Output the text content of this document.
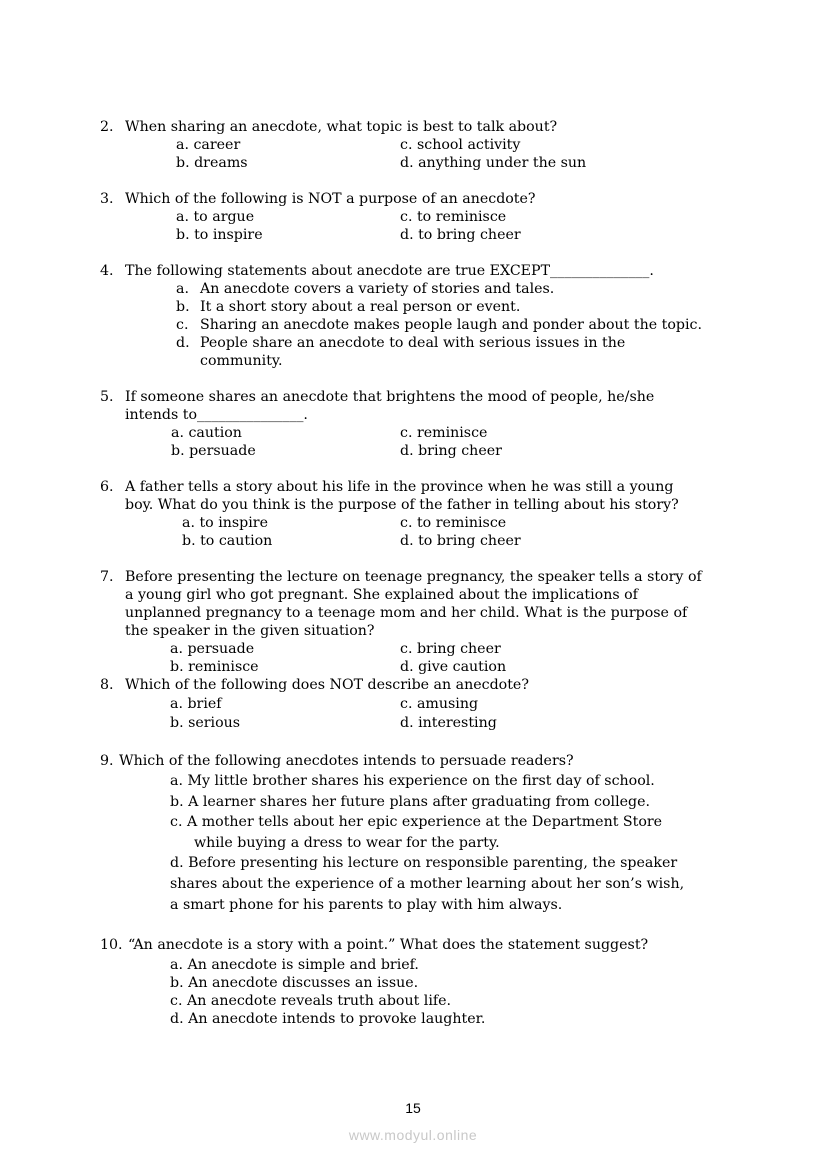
2. When sharing an anecdote, what topic is best to talk about?
a. career	c. school activity
b. dreams	d. anything under the sun
3. Which of the following is NOT a purpose of an anecdote?
a. to argue	c. to reminisce
b. to inspire	d. to bring cheer
4. The following statements about anecdote are true EXCEPT______________.
a. An anecdote covers a variety of stories and tales.
b. It a short story about a real person or event.
c. Sharing an anecdote makes people laugh and ponder about the topic.
d. People share an anecdote to deal with serious issues in the
community.
5. If someone shares an anecdote that brightens the mood of people, he/she
intends to_______________.
a. caution	c. reminisce
b. persuade	d. bring cheer
6. A father tells a story about his life in the province when he was still a young
boy. What do you think is the purpose of the father in telling about his story?
a. to inspire	c. to reminisce
b. to caution	d. to bring cheer
7. Before presenting the lecture on teenage pregnancy, the speaker tells a story of
a young girl who got pregnant. She explained about the implications of
unplanned pregnancy to a teenage mom and her child. What is the purpose of
the speaker in the given situation?
a. persuade	c. bring cheer
b. reminisce	d. give caution
8. Which of the following does NOT describe an anecdote?
a. brief	c. amusing
b. serious	d. interesting
9. Which of the following anecdotes intends to persuade readers?
a. My little brother shares his experience on the first day of school.
b. A learner shares her future plans after graduating from college.
c. A mother tells about her epic experience at the Department Store
while buying a dress to wear for the party.
d. Before presenting his lecture on responsible parenting, the speaker
shares about the experience of a mother learning about her son’s wish,
a smart phone for his parents to play with him always.
10. “An anecdote is a story with a point.” What does the statement suggest?
a. An anecdote is simple and brief.
b. An anecdote discusses an issue.
c. An anecdote reveals truth about life.
d. An anecdote intends to provoke laughter.
15
www.modyul.online
